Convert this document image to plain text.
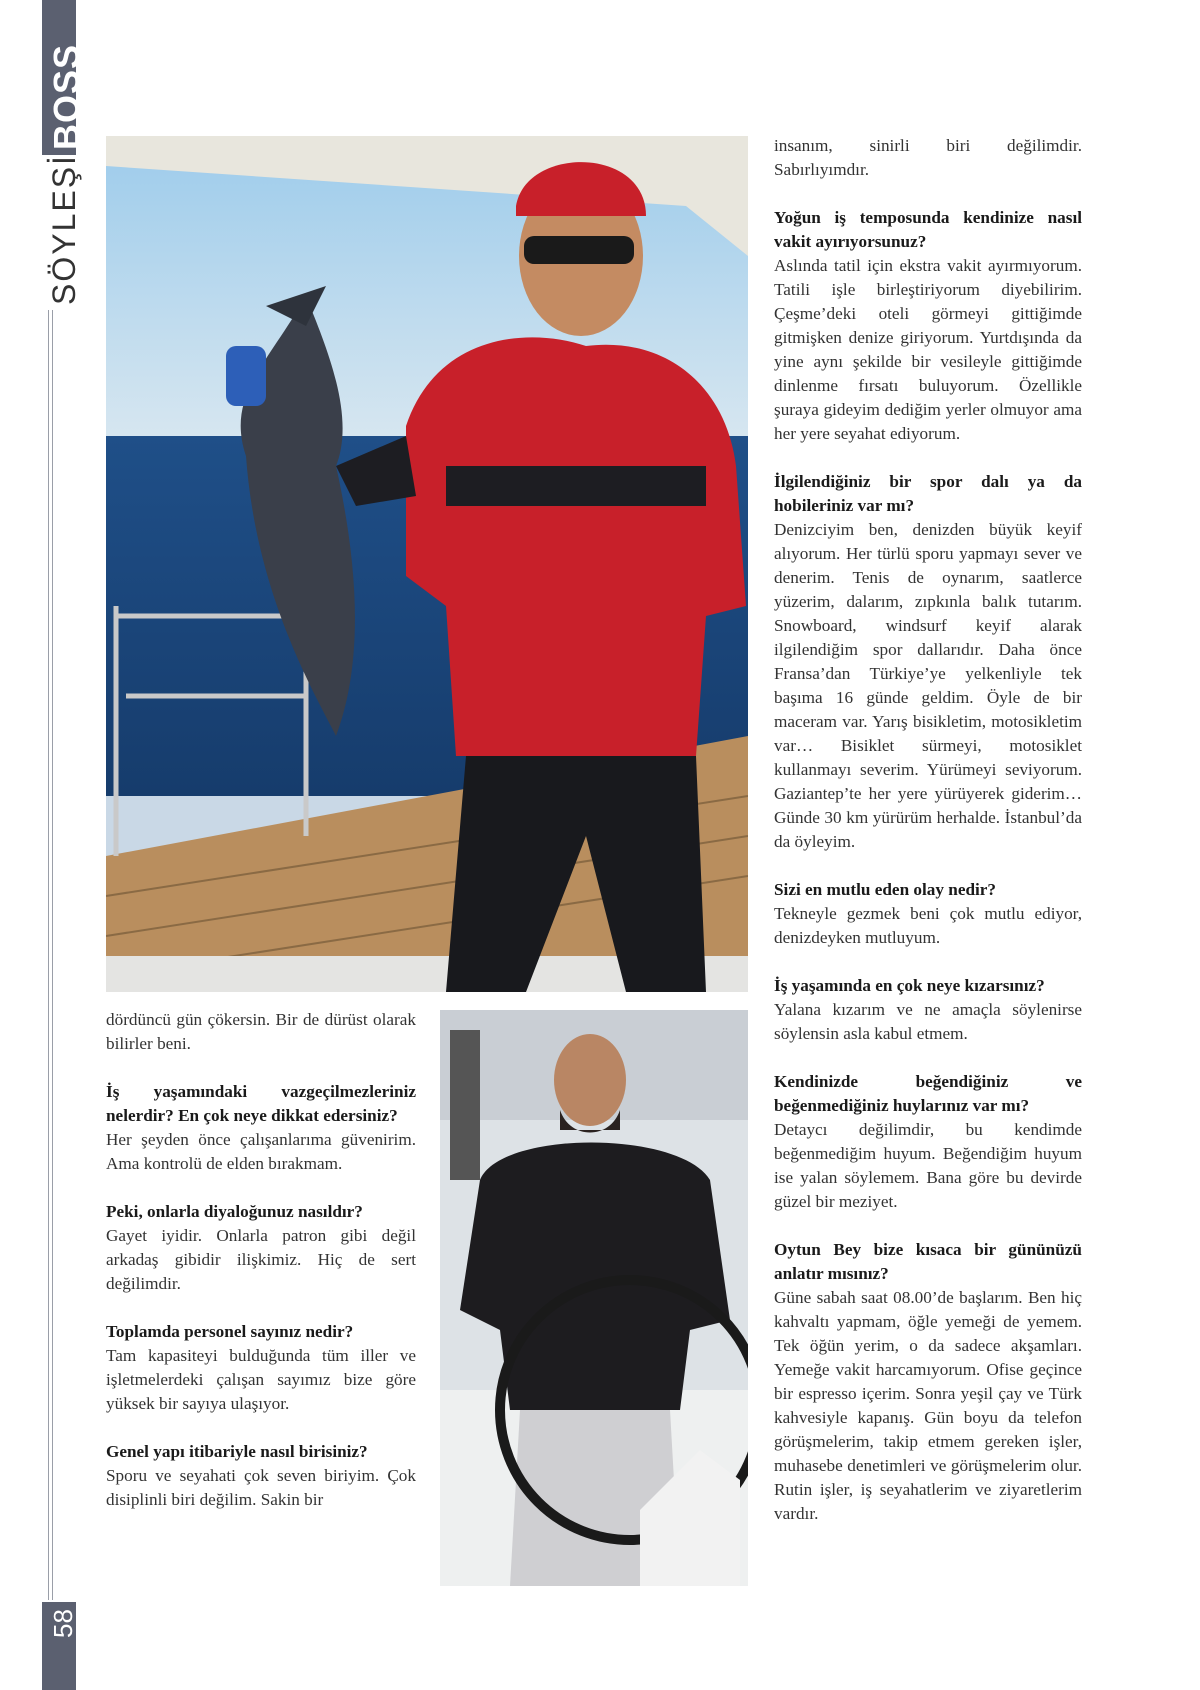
BOSS
SÖYLEŞİ
58

dördüncü gün çökersin. Bir de dürüst olarak bilirler beni.

İş yaşamındaki vazgeçilmezleriniz nelerdir? En çok neye dikkat edersiniz?

Her şeyden önce çalışanlarıma güvenirim. Ama kontrolü de elden bırakmam.

Peki, onlarla diyaloğunuz nasıldır?

Gayet iyidir. Onlarla patron gibi değil arkadaş gibidir ilişkimiz. Hiç de sert değilimdir.

Toplamda personel sayınız nedir?

Tam kapasiteyi bulduğunda tüm iller ve işletmelerdeki çalışan sayımız bize göre yüksek bir sayıya ulaşıyor.

Genel yapı itibariyle nasıl birisiniz?

Sporu ve seyahati çok seven biriyim. Çok disiplinli biri değilim. Sakin bir

insanım, sinirli biri değilimdir. Sabırlıyımdır.

Yoğun iş temposunda kendinize nasıl vakit ayırıyorsunuz?

Aslında tatil için ekstra vakit ayırmıyorum. Tatili işle birleştiriyorum diyebilirim. Çeşme’deki oteli görmeyi gittiğimde gitmişken denize giriyorum. Yurtdışında da yine aynı şekilde bir vesileyle gittiğimde dinlenme fırsatı buluyorum. Özellikle şuraya gideyim dediğim yerler olmuyor ama her yere seyahat ediyorum.

İlgilendiğiniz bir spor dalı ya da hobileriniz var mı?

Denizciyim ben, denizden büyük keyif alıyorum. Her türlü sporu yapmayı sever ve denerim. Tenis de oynarım, saatlerce yüzerim, dalarım, zıpkınla balık tutarım. Snowboard, windsurf keyif alarak ilgilendiğim spor dallarıdır. Daha önce Fransa’dan Türkiye’ye yelkenliyle tek başıma 16 günde geldim. Öyle de bir maceram var. Yarış bisikletim, motosikletim var… Bisiklet sürmeyi, motosiklet kullanmayı severim. Yürümeyi seviyorum. Gaziantep’te her yere yürüyerek giderim… Günde 30 km yürürüm herhalde. İstanbul’da da öyleyim.

Sizi en mutlu eden olay nedir?

Tekneyle gezmek beni çok mutlu ediyor, denizdeyken mutluyum.

İş yaşamında en çok neye kızarsınız?

Yalana kızarım ve ne amaçla söylenirse söylensin asla kabul etmem.

Kendinizde beğendiğiniz ve beğenmediğiniz huylarınız var mı?

Detaycı değilimdir, bu kendimde beğenmediğim huyum. Beğendiğim huyum ise yalan söylemem. Bana göre bu devirde güzel bir meziyet.

Oytun Bey bize kısaca bir gününüzü anlatır mısınız?

Güne sabah saat 08.00’de başlarım. Ben hiç kahvaltı yapmam, öğle yemeği de yemem. Tek öğün yerim, o da sadece akşamları. Yemeğe vakit harcamıyorum. Ofise geçince bir espresso içerim. Sonra yeşil çay ve Türk kahvesiyle kapanış. Gün boyu da telefon görüşmelerim, takip etmem gereken işler, muhasebe denetimleri ve görüşmelerim olur. Rutin işler, iş seyahatlerim ve ziyaretlerim vardır.
